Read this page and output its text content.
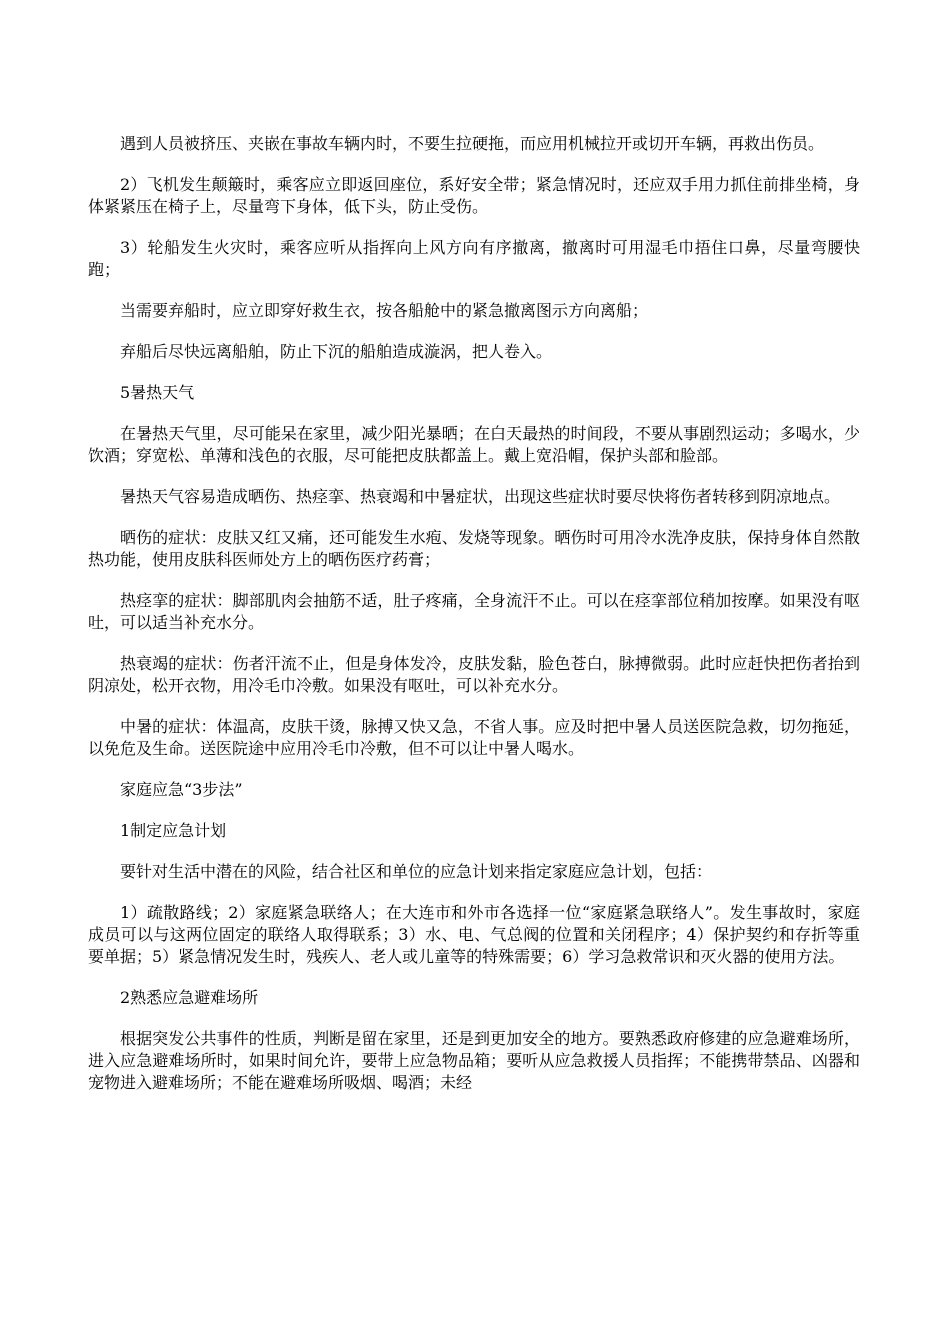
遇到人员被挤压、夹嵌在事故车辆内时，不要生拉硬拖，而应用机械拉开或切开车辆，再救出伤员。

2）飞机发生颠簸时，乘客应立即返回座位，系好安全带；紧急情况时，还应双手用力抓住前排坐椅，身体紧紧压在椅子上，尽量弯下身体，低下头，防止受伤。

3）轮船发生火灾时，乘客应听从指挥向上风方向有序撤离，撤离时可用湿毛巾捂住口鼻，尽量弯腰快跑；

当需要弃船时，应立即穿好救生衣，按各船舱中的紧急撤离图示方向离船；

弃船后尽快远离船舶，防止下沉的船舶造成漩涡，把人卷入。

5暑热天气

在暑热天气里，尽可能呆在家里，减少阳光暴晒；在白天最热的时间段，不要从事剧烈运动；多喝水，少饮酒；穿宽松、单薄和浅色的衣服，尽可能把皮肤都盖上。戴上宽沿帽，保护头部和脸部。

暑热天气容易造成晒伤、热痉挛、热衰竭和中暑症状，出现这些症状时要尽快将伤者转移到阴凉地点。

晒伤的症状：皮肤又红又痛，还可能发生水疱、发烧等现象。晒伤时可用冷水洗净皮肤，保持身体自然散热功能，使用皮肤科医师处方上的晒伤医疗药膏；

热痉挛的症状：脚部肌肉会抽筋不适，肚子疼痛，全身流汗不止。可以在痉挛部位稍加按摩。如果没有呕吐，可以适当补充水分。

热衰竭的症状：伤者汗流不止，但是身体发冷，皮肤发黏，脸色苍白，脉搏微弱。此时应赶快把伤者抬到阴凉处，松开衣物，用冷毛巾冷敷。如果没有呕吐，可以补充水分。

中暑的症状：体温高，皮肤干烫，脉搏又快又急，不省人事。应及时把中暑人员送医院急救，切勿拖延，以免危及生命。送医院途中应用冷毛巾冷敷，但不可以让中暑人喝水。

家庭应急“3步法”

1制定应急计划

要针对生活中潜在的风险，结合社区和单位的应急计划来指定家庭应急计划，包括：

1）疏散路线；2）家庭紧急联络人；在大连市和外市各选择一位“家庭紧急联络人”。发生事故时，家庭成员可以与这两位固定的联络人取得联系；3）水、电、气总阀的位置和关闭程序；4）保护契约和存折等重要单据；5）紧急情况发生时，残疾人、老人或儿童等的特殊需要；6）学习急救常识和灭火器的使用方法。

2熟悉应急避难场所

根据突发公共事件的性质，判断是留在家里，还是到更加安全的地方。要熟悉政府修建的应急避难场所，进入应急避难场所时，如果时间允许，要带上应急物品箱；要听从应急救援人员指挥；不能携带禁品、凶器和宠物进入避难场所；不能在避难场所吸烟、喝酒；未经
